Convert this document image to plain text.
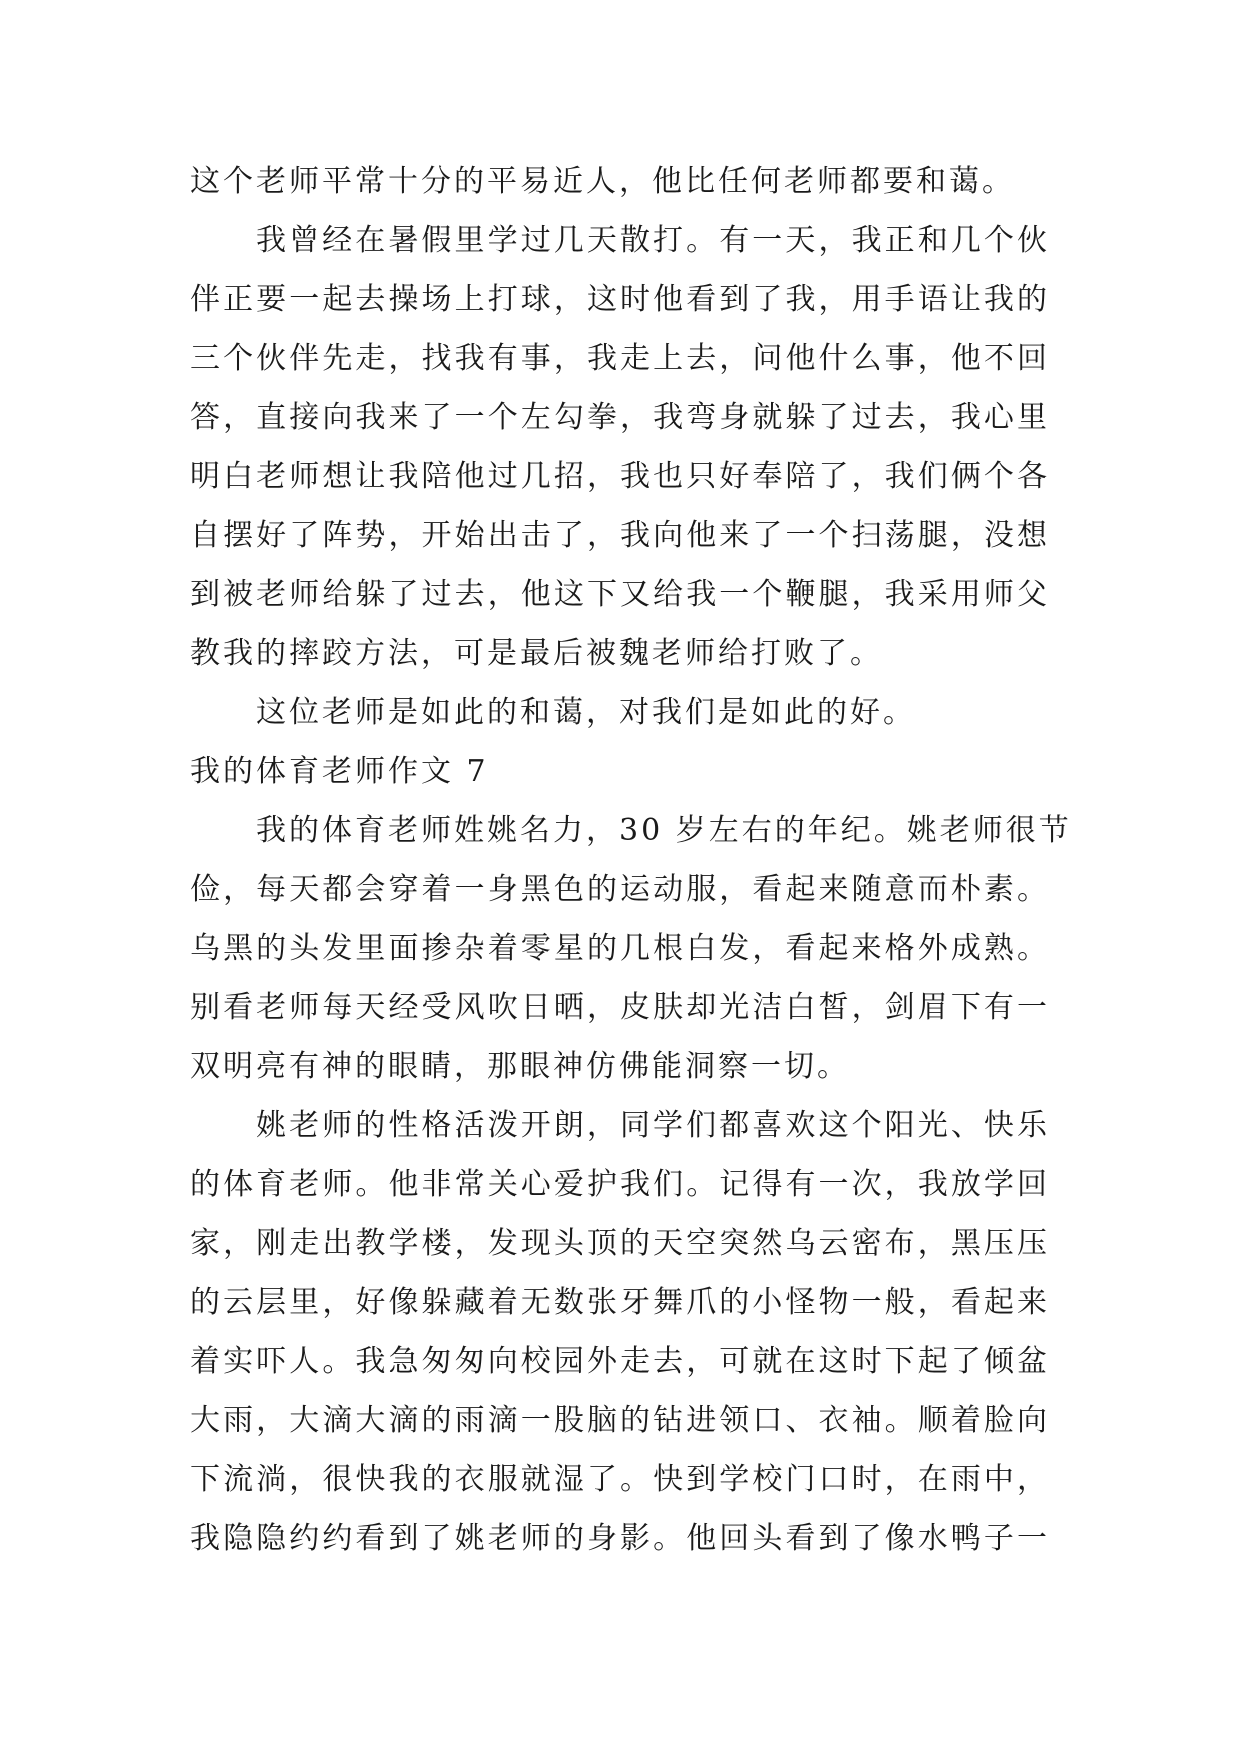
这个老师平常十分的平易近人，他比任何老师都要和蔼。
我曾经在暑假里学过几天散打。有一天，我正和几个伙
伴正要一起去操场上打球，这时他看到了我，用手语让我的
三个伙伴先走，找我有事，我走上去，问他什么事，他不回
答，直接向我来了一个左勾拳，我弯身就躲了过去，我心里
明白老师想让我陪他过几招，我也只好奉陪了，我们俩个各
自摆好了阵势，开始出击了，我向他来了一个扫荡腿，没想
到被老师给躲了过去，他这下又给我一个鞭腿，我采用师父
教我的摔跤方法，可是最后被魏老师给打败了。
这位老师是如此的和蔼，对我们是如此的好。
我的体育老师作文 7
我的体育老师姓姚名力，30 岁左右的年纪。姚老师很节
俭，每天都会穿着一身黑色的运动服，看起来随意而朴素。
乌黑的头发里面掺杂着零星的几根白发，看起来格外成熟。
别看老师每天经受风吹日晒，皮肤却光洁白皙，剑眉下有一
双明亮有神的眼睛，那眼神仿佛能洞察一切。
姚老师的性格活泼开朗，同学们都喜欢这个阳光、快乐
的体育老师。他非常关心爱护我们。记得有一次，我放学回
家，刚走出教学楼，发现头顶的天空突然乌云密布，黑压压
的云层里，好像躲藏着无数张牙舞爪的小怪物一般，看起来
着实吓人。我急匆匆向校园外走去，可就在这时下起了倾盆
大雨，大滴大滴的雨滴一股脑的钻进领口、衣袖。顺着脸向
下流淌，很快我的衣服就湿了。快到学校门口时，在雨中，
我隐隐约约看到了姚老师的身影。他回头看到了像水鸭子一
